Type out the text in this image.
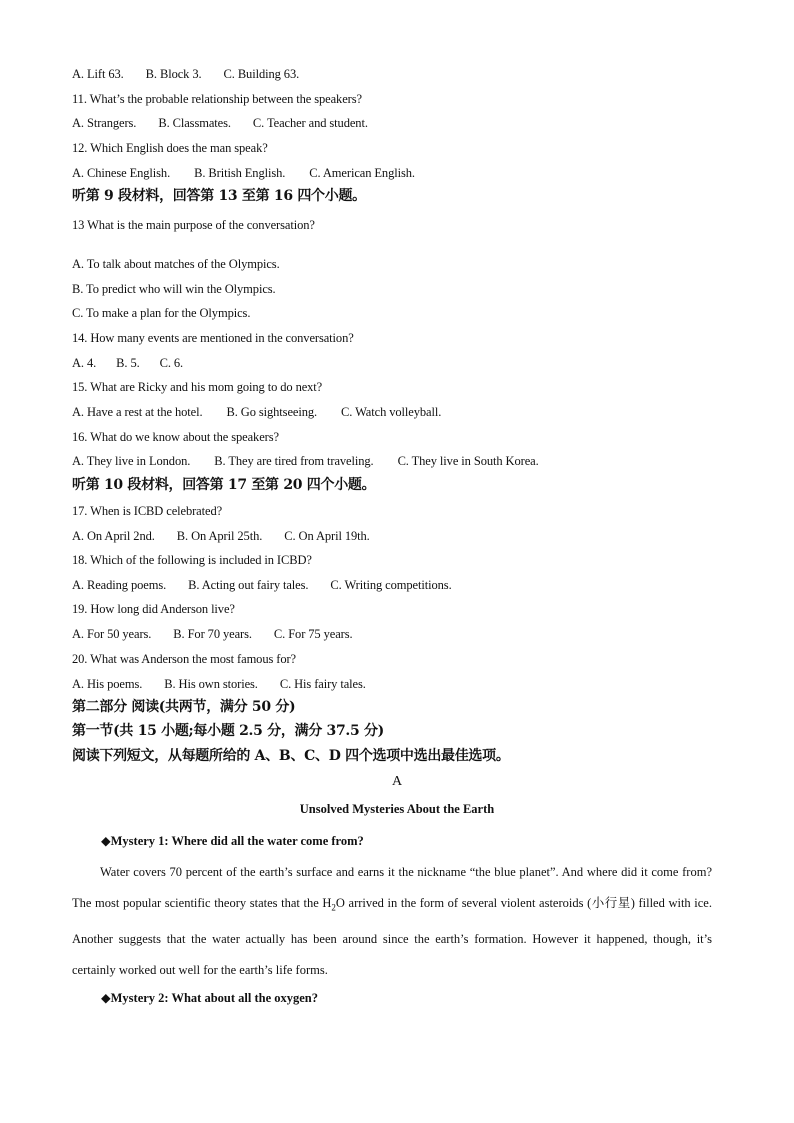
A. Lift 63. B. Block 3. C. Building 63.
11. What’s the probable relationship between the speakers?
A. Strangers. B. Classmates. C. Teacher and student.
12. Which English does the man speak?
A. Chinese English. B. British English. C. American English.
听第 9 段材料，回答第 13 至第 16 四个小题。
13 What is the main purpose of the conversation?
A. To talk about matches of the Olympics.
B. To predict who will win the Olympics.
C. To make a plan for the Olympics.
14. How many events are mentioned in the conversation?
A. 4. B. 5. C. 6.
15. What are Ricky and his mom going to do next?
A. Have a rest at the hotel. B. Go sightseeing. C. Watch volleyball.
16. What do we know about the speakers?
A. They live in London. B. They are tired from traveling. C. They live in South Korea.
听第 10 段材料，回答第 17 至第 20 四个小题。
17. When is ICBD celebrated?
A. On April 2nd. B. On April 25th. C. On April 19th.
18. Which of the following is included in ICBD?
A. Reading poems. B. Acting out fairy tales. C. Writing competitions.
19. How long did Anderson live?
A. For 50 years. B. For 70 years. C. For 75 years.
20. What was Anderson the most famous for?
A. His poems. B. His own stories. C. His fairy tales.
第二部分 阅读(共两节，满分 50 分)
第一节(共 15 小题;每小题 2.5 分，满分 37.5 分)
阅读下列短文，从每题所给的 A、B、C、D 四个选项中选出最佳选项。
A
Unsolved Mysteries About the Earth
◆Mystery 1: Where did all the water come from?

Water covers 70 percent of the earth’s surface and earns it the nickname “the blue planet”. And where did it come from? The most popular scientific theory states that the $H_2O$ arrived in the form of several violent asteroids (小行星) filled with ice. Another suggests that the water actually has been around since the earth’s formation. However it happened, though, it’s certainly worked out well for the earth’s life forms.

◆Mystery 2: What about all the oxygen?
